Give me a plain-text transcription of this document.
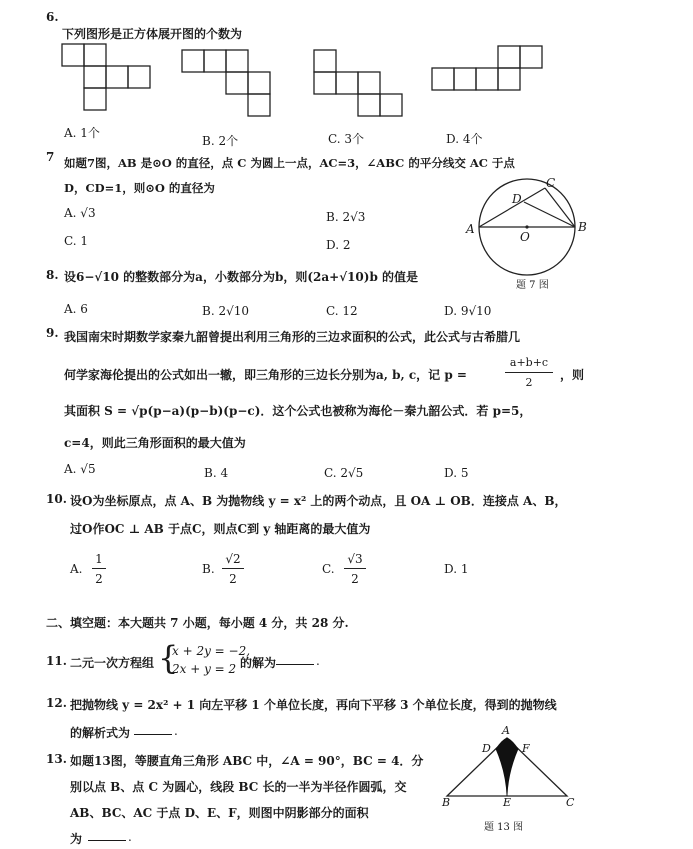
6.
下列图形是正方体展开图的个数为
A. 1个
B. 2个	C. 3个	D. 4个
7 如题7图，AB 是⊙O 的直径，点 C 为圆上一点，AC=3，∠ABC 的平分线交 AC 于点
D，CD=1，则⊙O 的直径为
A. √3	B. 2√3
C. 1	D. 2
A	B
C
D
O
题 7 图
8. 设6−√10 的整数部分为a，小数部分为b，则(2a+√10)b 的值是
A. 6	B. 2√10	C. 12	D. 9√10
9. 我国南宋时期数学家秦九韶曾提出利用三角形的三边求面积的公式，此公式与古希腊几
何学家海伦提出的公式如出一辙，即三角形的三边长分别为a, b, c，记 p =
a+b+c
2
，则
其面积 S = √p(p−a)(p−b)(p−c)．这个公式也被称为海伦－秦九韶公式．若 p=5，
c=4，则此三角形面积的最大值为
A. √5	B. 4	C. 2√5	D. 5
10. 设O为坐标原点，点 A、B 为抛物线 y = x² 上的两个动点，且 OA ⊥ OB．连接点 A、B，
过O作OC ⊥ AB 于点C，则点C到 y 轴距离的最大值为
A.
1
2
B.
√2
2
C.
√3
2
D. 1
二、填空题：本大题共 7 小题，每小题 4 分，共 28 分.
11. 二元一次方程组 {
x + 2y = −2,
2x + y = 2 的解为	.
12. 把抛物线 y = 2x² + 1 向左平移 1 个单位长度，再向下平移 3 个单位长度，得到的抛物线
的解析式为	.
13. 如题13图，等腰直角三角形 ABC 中，∠A = 90°，BC = 4．分
别以点 B、点 C 为圆心，线段 BC 长的一半为半径作圆弧，交
AB、BC、AC 于点 D、E、F，则图中阴影部分的面积
为	.
A
D	F
B	E	C
题 13 图
